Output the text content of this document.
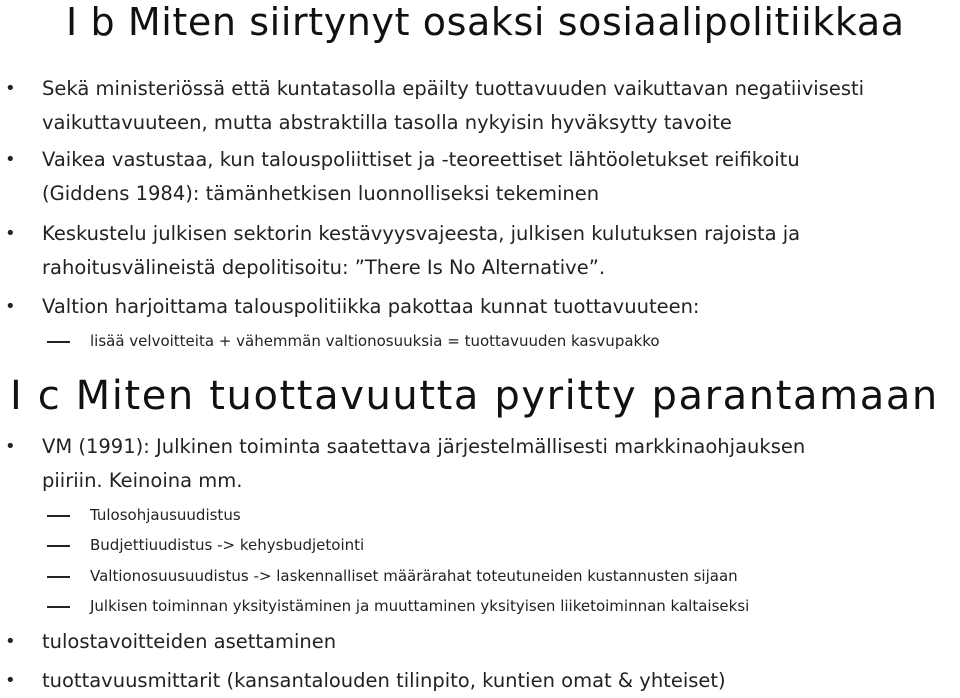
I b Miten siirtynyt osaksi sosiaalipolitiikkaa
• Sekä ministeriössä että kuntatasolla epäilty tuottavuuden vaikuttavan negatiivisesti
vaikuttavuuteen, mutta abstraktilla tasolla nykyisin hyväksytty tavoite
• Vaikea vastustaa, kun talouspoliittiset ja -teoreettiset lähtöoletukset reifikoitu
(Giddens 1984): tämänhetkisen luonnolliseksi tekeminen
• Keskustelu julkisen sektorin kestävyysvajeesta, julkisen kulutuksen rajoista ja
rahoitusvälineistä depolitisoitu: ”There Is No Alternative”.
• Valtion harjoittama talouspolitiikka pakottaa kunnat tuottavuuteen:
lisää velvoitteita + vähemmän valtionosuuksia = tuottavuuden kasvupakko
I c Miten tuottavuutta pyritty parantamaan
• VM (1991): Julkinen toiminta saatettava järjestelmällisesti markkinaohjauksen
piiriin. Keinoina mm.
Tulosohjausuudistus
Budjettiuudistus -> kehysbudjetointi
Valtionosuusuudistus -> laskennalliset määrärahat toteutuneiden kustannusten sijaan
Julkisen toiminnan yksityistäminen ja muuttaminen yksityisen liiketoiminnan kaltaiseksi
• tulostavoitteiden asettaminen
• tuottavuusmittarit (kansantalouden tilinpito, kuntien omat & yhteiset)
